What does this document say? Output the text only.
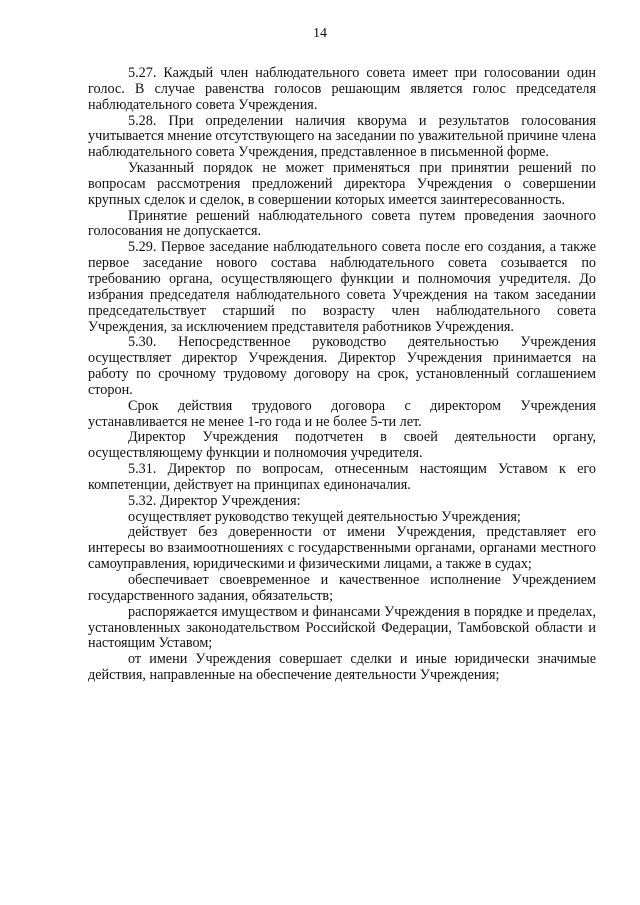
14

5.27. Каждый член наблюдательного совета имеет при голосовании один голос. В случае равенства голосов решающим является голос председателя наблюдательного совета Учреждения.

5.28. При определении наличия кворума и результатов голосования учитывается мнение отсутствующего на заседании по уважительной причине члена наблюдательного совета Учреждения, представленное в письменной форме.

Указанный порядок не может применяться при принятии решений по вопросам рассмотрения предложений директора Учреждения о совершении крупных сделок и сделок, в совершении которых имеется заинтересованность.

Принятие решений наблюдательного совета путем проведения заочного голосования не допускается.

5.29. Первое заседание наблюдательного совета после его создания, а также первое заседание нового состава наблюдательного совета созывается по требованию органа, осуществляющего функции и полномочия учредителя. До избрания председателя наблюдательного совета Учреждения на таком заседании председательствует старший по возрасту член наблюдательного совета Учреждения, за исключением представителя работников Учреждения.

5.30. Непосредственное руководство деятельностью Учреждения осуществляет директор Учреждения. Директор Учреждения принимается на работу по срочному трудовому договору на срок, установленный соглашением сторон.

Срок действия трудового договора с директором Учреждения устанавливается не менее 1-го года и не более 5-ти лет.

Директор Учреждения подотчетен в своей деятельности органу, осуществляющему функции и полномочия учредителя.

5.31. Директор по вопросам, отнесенным настоящим Уставом к его компетенции, действует на принципах единоначалия.

5.32. Директор Учреждения:

осуществляет руководство текущей деятельностью Учреждения;

действует без доверенности от имени Учреждения, представляет его интересы во взаимоотношениях с государственными органами, органами местного самоуправления, юридическими и физическими лицами, а также в судах;

обеспечивает своевременное и качественное исполнение Учреждением государственного задания, обязательств;

распоряжается имуществом и финансами Учреждения в порядке и пределах, установленных законодательством Российской Федерации, Тамбовской области и настоящим Уставом;

от имени Учреждения совершает сделки и иные юридически значимые действия, направленные на обеспечение деятельности Учреждения;
